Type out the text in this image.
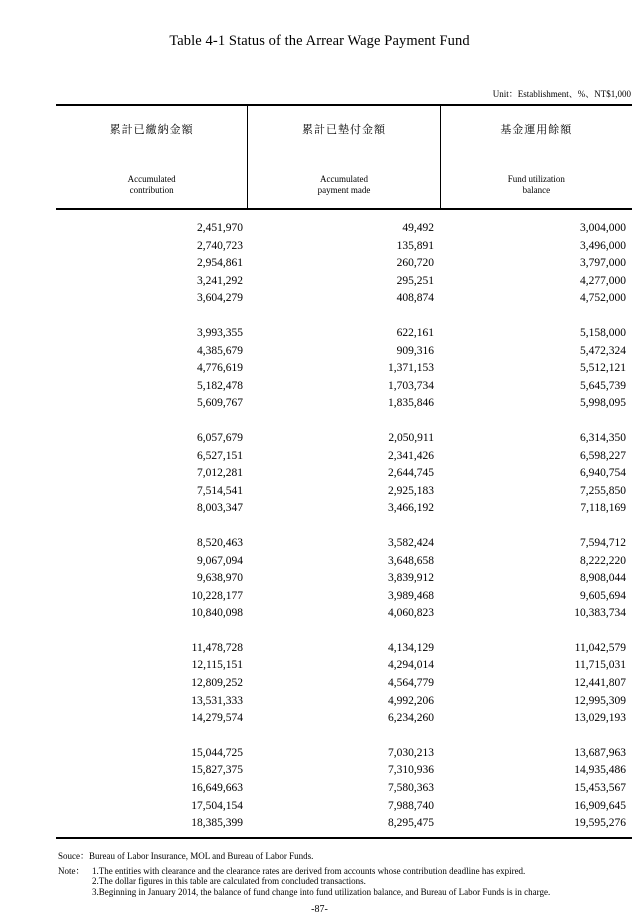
Table 4-1 Status of the Arrear Wage Payment Fund
Unit：Establishment、%、NT$1,000
累計已繳納金額
Accumulated
contribution
累計已墊付金額
Accumulated
payment made
基金運用餘額
Fund utilization
balance
2,451,970	49,492	3,004,000
2,740,723	135,891	3,496,000
2,954,861	260,720	3,797,000
3,241,292	295,251	4,277,000
3,604,279	408,874	4,752,000
3,993,355	622,161	5,158,000
4,385,679	909,316	5,472,324
4,776,619	1,371,153	5,512,121
5,182,478	1,703,734	5,645,739
5,609,767	1,835,846	5,998,095
6,057,679	2,050,911	6,314,350
6,527,151	2,341,426	6,598,227
7,012,281	2,644,745	6,940,754
7,514,541	2,925,183	7,255,850
8,003,347	3,466,192	7,118,169
8,520,463	3,582,424	7,594,712
9,067,094	3,648,658	8,222,220
9,638,970	3,839,912	8,908,044
10,228,177	3,989,468	9,605,694
10,840,098	4,060,823	10,383,734
11,478,728	4,134,129	11,042,579
12,115,151	4,294,014	11,715,031
12,809,252	4,564,779	12,441,807
13,531,333	4,992,206	12,995,309
14,279,574	6,234,260	13,029,193
15,044,725	7,030,213	13,687,963
15,827,375	7,310,936	14,935,486
16,649,663	7,580,363	15,453,567
17,504,154	7,988,740	16,909,645
18,385,399	8,295,475	19,595,276
Souce：Bureau of Labor Insurance, MOL and Bureau of Labor Funds.
Note： 1.The entities with clearance and the clearance rates are derived from accounts whose contribution deadline has expired.
2.The dollar figures in this table are calculated from concluded transactions.
3.Beginning in January 2014, the balance of fund change into fund utilization balance, and Bureau of Labor Funds is in charge.
-87-
